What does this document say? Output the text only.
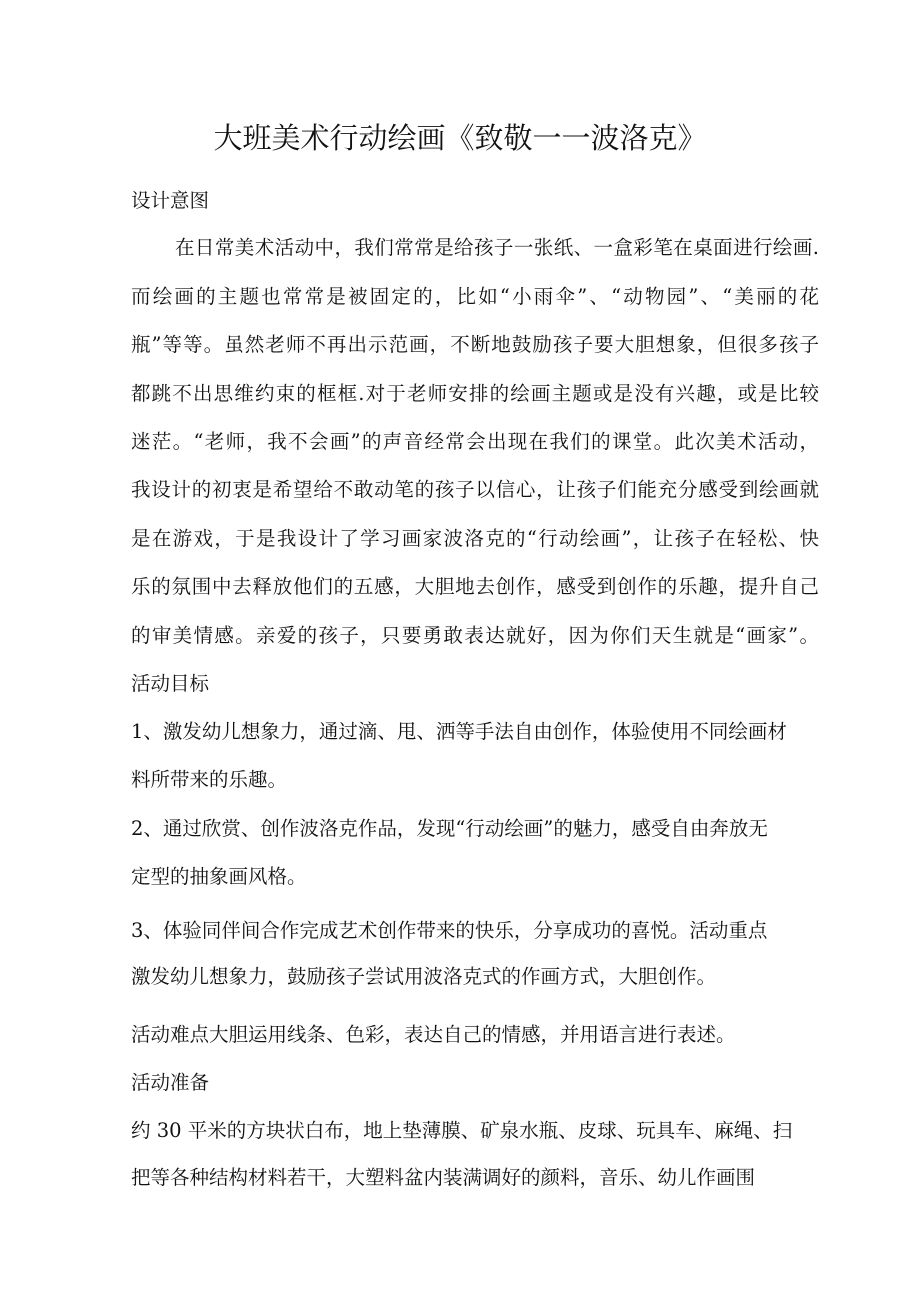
大班美术行动绘画《致敬一一波洛克》
设计意图
在日常美术活动中，我们常常是给孩子一张纸、一盒彩笔在桌面进行绘画.
而绘画的主题也常常是被固定的，比如“小雨伞”、“动物园”、“美丽的花
瓶”等等。虽然老师不再出示范画，不断地鼓励孩子要大胆想象，但很多孩子
都跳不出思维约束的框框.对于老师安排的绘画主题或是没有兴趣，或是比较
迷茫。“老师，我不会画”的声音经常会出现在我们的课堂。此次美术活动，
我设计的初衷是希望给不敢动笔的孩子以信心，让孩子们能充分感受到绘画就
是在游戏，于是我设计了学习画家波洛克的“行动绘画”，让孩子在轻松、快
乐的氛围中去释放他们的五感，大胆地去创作，感受到创作的乐趣，提升自己
的审美情感。亲爱的孩子，只要勇敢表达就好，因为你们天生就是“画家”。
活动目标
1、激发幼儿想象力，通过滴、甩、洒等手法自由创作，体验使用不同绘画材
料所带来的乐趣。
2、通过欣赏、创作波洛克作品，发现“行动绘画”的魅力，感受自由奔放无
定型的抽象画风格。
3、体验同伴间合作完成艺术创作带来的快乐，分享成功的喜悦。活动重点
激发幼儿想象力，鼓励孩子尝试用波洛克式的作画方式，大胆创作。
活动难点大胆运用线条、色彩，表达自己的情感，并用语言进行表述。
活动准备
约 30 平米的方块状白布，地上垫薄膜、矿泉水瓶、皮球、玩具车、麻绳、扫
把等各种结构材料若干，大塑料盆内装满调好的颜料，音乐、幼儿作画围
